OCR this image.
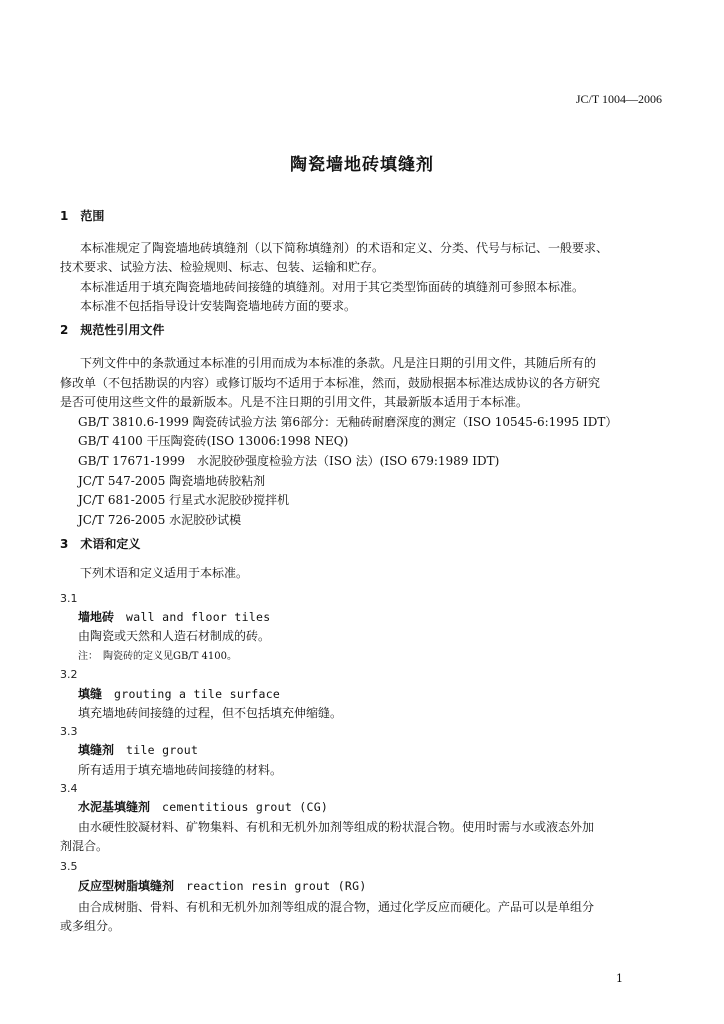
JC/T 1004—2006
陶瓷墙地砖填缝剂
1　范围
本标准规定了陶瓷墙地砖填缝剂（以下简称填缝剂）的术语和定义、分类、代号与标记、一般要求、
技术要求、试验方法、检验规则、标志、包装、运输和贮存。
本标准适用于填充陶瓷墙地砖间接缝的填缝剂。对用于其它类型饰面砖的填缝剂可参照本标准。
本标准不包括指导设计安装陶瓷墙地砖方面的要求。
2　规范性引用文件
下列文件中的条款通过本标准的引用而成为本标准的条款。凡是注日期的引用文件，其随后所有的
修改单（不包括勘误的内容）或修订版均不适用于本标准，然而，鼓励根据本标准达成协议的各方研究
是否可使用这些文件的最新版本。凡是不注日期的引用文件，其最新版本适用于本标准。
GB/T 3810.6-1999 陶瓷砖试验方法 第6部分：无釉砖耐磨深度的测定（ISO 10545-6:1995 IDT）
GB/T 4100 干压陶瓷砖(ISO 13006:1998 NEQ)
GB/T 17671-1999　水泥胶砂强度检验方法（ISO 法）(ISO 679:1989 IDT)
JC/T 547-2005 陶瓷墙地砖胶粘剂
JC/T 681-2005 行星式水泥胶砂搅拌机
JC/T 726-2005 水泥胶砂试模
3　术语和定义
下列术语和定义适用于本标准。
3.1
墙地砖  wall and floor tiles
由陶瓷或天然和人造石材制成的砖。
注：　陶瓷砖的定义见GB/T 4100。
3.2
填缝  grouting a tile surface
填充墙地砖间接缝的过程，但不包括填充伸缩缝。
3.3
填缝剂  tile grout
所有适用于填充墙地砖间接缝的材料。
3.4
水泥基填缝剂  cementitious grout (CG)
由水硬性胶凝材料、矿物集料、有机和无机外加剂等组成的粉状混合物。使用时需与水或液态外加
剂混合。
3.5
反应型树脂填缝剂  reaction resin grout (RG)
由合成树脂、骨料、有机和无机外加剂等组成的混合物，通过化学反应而硬化。产品可以是单组分
或多组分。
1
